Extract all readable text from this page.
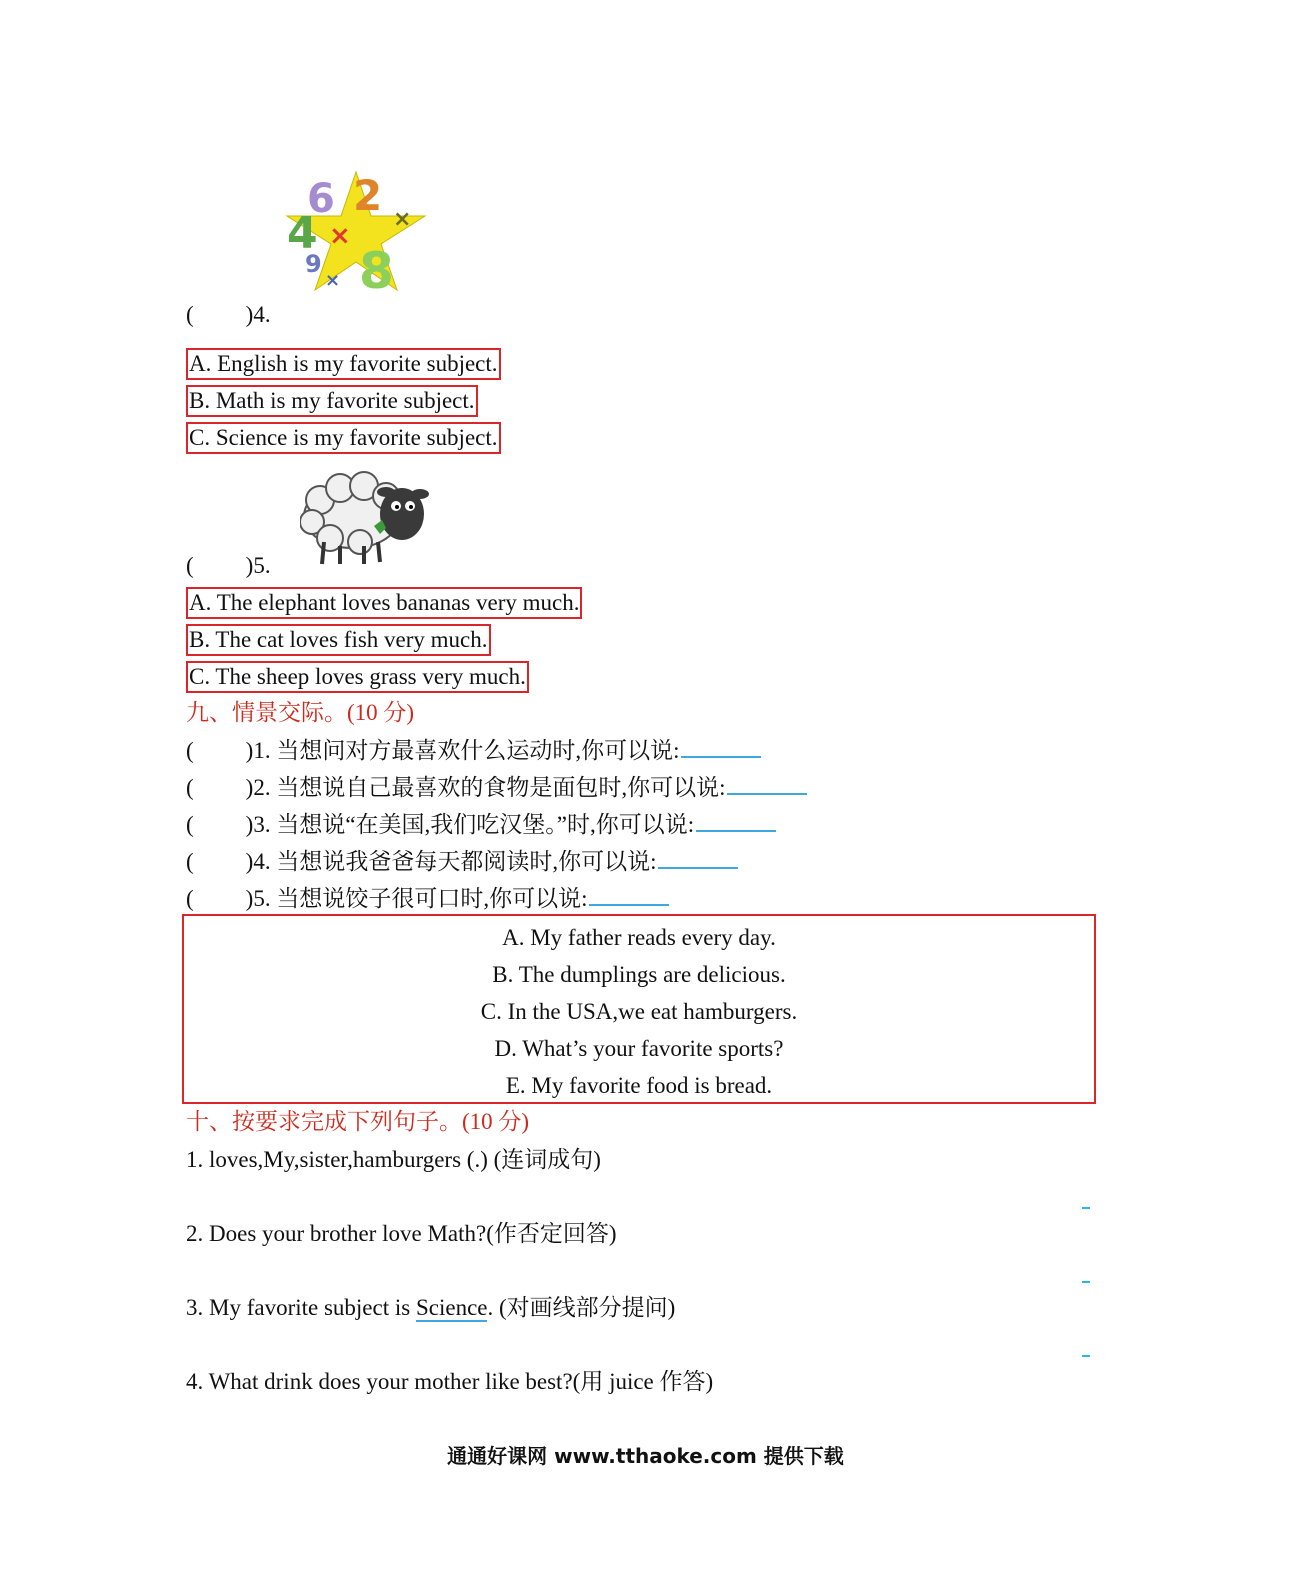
6 2
4
8
×
9
×
×
( )4.
A. English is my favorite subject.
B. Math is my favorite subject.
C. Science is my favorite subject.
( )5.
A. The elephant loves bananas very much.
B. The cat loves fish very much.
C. The sheep loves grass very much.
九、情景交际。(10 分)
( )1. 当想问对方最喜欢什么运动时,你可以说:
( )2. 当想说自己最喜欢的食物是面包时,你可以说:
( )3. 当想说“在美国,我们吃汉堡。”时,你可以说:
( )4. 当想说我爸爸每天都阅读时,你可以说:
( )5. 当想说饺子很可口时,你可以说:
A. My father reads every day.
B. The dumplings are delicious.
C. In the USA,we eat hamburgers.
D. What’s your favorite sports?
E. My favorite food is bread.
十、按要求完成下列句子。(10 分)
1. loves,My,sister,hamburgers (.) (连词成句)
2. Does your brother love Math?(作否定回答)
3. My favorite subject is Science. (对画线部分提问)
4. What drink does your mother like best?(用 juice 作答)
通通好课网 www.tthaoke.com 提供下载
